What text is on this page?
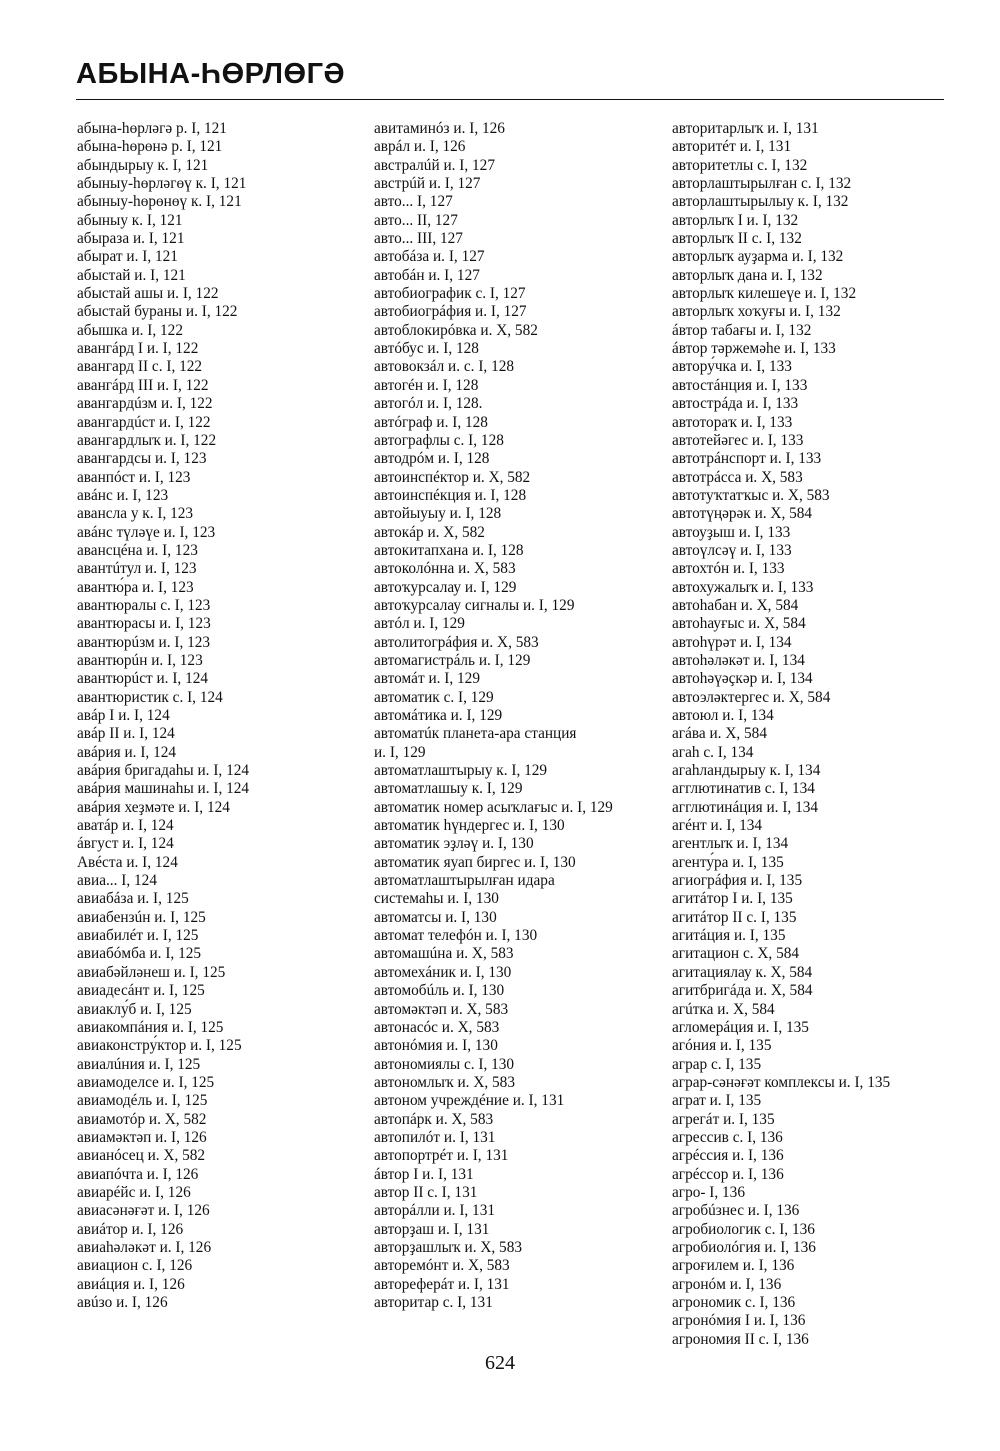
АБЫНА-ҺӨРЛӨГӘ
абына-һөрләгә р. I, 121
абына-һөрөнә р. I, 121
абындырыу к. I, 121
абыныу-һөрләгөү к. I, 121
абыныу-һөрөнөү к. I, 121
абыныу к. I, 121
абыраза и. I, 121
абырат и. I, 121
абыстай и. I, 121
абыстай ашы и. I, 122
абыстай бураны и. I, 122
абышка и. I, 122
авангáрд I и. I, 122
авангард II с. I, 122
авангáрд III и. I, 122
авангардúзм и. I, 122
авангардúст и. I, 122
авангардлыҡ и. I, 122
авангардсы и. I, 123
аванпóст и. I, 123
авáнс и. I, 123
авансла у к. I, 123
авáнс түләүе и. I, 123
авансцéна и. I, 123
авантúтул и. I, 123
авантю́ра и. I, 123
авантюралы с. I, 123
авантюрасы и. I, 123
авантюрúзм и. I, 123
авантюрúн и. I, 123
авантюрúст и. I, 124
авантюристик с. I, 124
авáр I и. I, 124
авáр II и. I, 124
авáрия и. I, 124
авáрия бригадаһы и. I, 124
авáрия машинаһы и. I, 124
авáрия хеҙмәте и. I, 124
аватáр и. I, 124
áвгуст и. I, 124
Авéста и. I, 124
авиа... I, 124
авиабáза и. I, 125
авиабензúн и. I, 125
авиабилéт и. I, 125
авиабóмба и. I, 125
авиабәйләнеш и. I, 125
авиадесáнт и. I, 125
авиаклу́б и. I, 125
авиакомпáния и. I, 125
авиаконстру́ктор и. I, 125
авиалúния и. I, 125
авиамоделсе и. I, 125
авиамодéль и. I, 125
авиамотóр и. X, 582
авиамәктәп и. I, 126
авианóсец и. X, 582
авиапóчта и. I, 126
авиарéйс и. I, 126
авиасәнәғәт и. I, 126
авиáтор и. I, 126
авиаһәләкәт и. I, 126
авиацион с. I, 126
авиáция и. I, 126
авúзо и. I, 126
авитаминóз и. I, 126
аврáл и. I, 126
австралúй и. I, 127
австрúй и. I, 127
авто... I, 127
авто... II, 127
авто... III, 127
автобáза и. I, 127
автобáн и. I, 127
автобиографик с. I, 127
автобиогрáфия и. I, 127
автоблокирóвка и. X, 582
автóбус и. I, 128
автовокзáл и. с. I, 128
автогéн и. I, 128
автогóл и. I, 128.
автóграф и. I, 128
автографлы с. I, 128
автодрóм и. I, 128
автоинспéктор и. X, 582
автоинспéкция и. I, 128
автойыуыу и. I, 128
автокáр и. X, 582
автокитапхана и. I, 128
автоколóнна и. X, 583
автоҡурсалау и. I, 129
автоҡурсалау сигналы и. I, 129
автóл и. I, 129
автолитогрáфия и. X, 583
автомагистрáль и. I, 129
автомáт и. I, 129
автоматик с. I, 129
автомáтика и. I, 129
автоматúк планета-ара станция
и. I, 129
автоматлаштырыу к. I, 129
автоматлашыу к. I, 129
автоматик номер асыҡлағыс и. I, 129
автоматик һүндергес и. I, 130
автоматик эҙләү и. I, 130
автоматик яуап биргес и. I, 130
автоматлаштырылған идара
системаһы и. I, 130
автоматсы и. I, 130
автомат телефóн и. I, 130
автомашúна и. X, 583
автомехáник и. I, 130
автомобúль и. I, 130
автомәктәп и. X, 583
автонасóс и. X, 583
автонóмия и. I, 130
автономиялы с. I, 130
автономлыҡ и. X, 583
автоном учреждéние и. I, 131
автопáрк и. X, 583
автопилóт и. I, 131
автопортрéт и. I, 131
áвтор I и. I, 131
автор II с. I, 131
автоpáлли и. I, 131
авторҙаш и. I, 131
авторҙашлыҡ и. X, 583
авторемóнт и. X, 583
авторефeрáт и. I, 131
авторитар с. I, 131
авторитарлыҡ и. I, 131
авторитéт и. I, 131
авторитетлы с. I, 132
авторлаштырылған с. I, 132
авторлаштырылыу к. I, 132
авторлыҡ I и. I, 132
авторлыҡ II с. I, 132
авторлыҡ ауҙарма и. I, 132
авторлыҡ дана и. I, 132
авторлыҡ килешеүе и. I, 132
авторлыҡ хоҡуғы и. I, 132
áвтор табағы и. I, 132
áвтор тәржемәһе и. I, 133
автору́чка и. I, 133
автостáнция и. I, 133
автострáда и. I, 133
автотораҡ и. I, 133
автотейәгес и. I, 133
автотрáнспорт и. I, 133
автотрáсса и. X, 583
автотуҡтатҡыс и. X, 583
автотүңәрәк и. X, 584
автоуҙыш и. I, 133
автоүлсәү и. I, 133
автохтóн и. I, 133
автохужалыҡ и. I, 133
автоһабан и. X, 584
автоһауғыс и. X, 584
автоһүрәт и. I, 134
автоһәләкәт и. I, 134
автоһәүәҫкәр и. I, 134
автоэләктергес и. X, 584
автоюл и. I, 134
агáва и. X, 584
агаһ с. I, 134
агаһландырыу к. I, 134
агглютинатив с. I, 134
агглютинáция и. I, 134
агéнт и. I, 134
агентлыҡ и. I, 134
агенту́ра и. I, 135
агиогрáфия и. I, 135
агитáтор I и. I, 135
агитáтор II с. I, 135
агитáция и. I, 135
агитацион с. X, 584
агитациялау к. X, 584
агитбригáда и. X, 584
агúтка и. X, 584
агломерáция и. I, 135
агóния и. I, 135
аграр с. I, 135
аграр-сәнәғәт комплексы и. I, 135
аграт и. I, 135
агрегáт и. I, 135
агрессив с. I, 136
агрéссия и. I, 136
агрéссор и. I, 136
агро- I, 136
агробúзнес и. I, 136
агробиологик с. I, 136
агробиолóгия и. I, 136
агроғилем и. I, 136
агронóм и. I, 136
агрономик с. I, 136
агронóмия I и. I, 136
агрономия II с. I, 136
624
